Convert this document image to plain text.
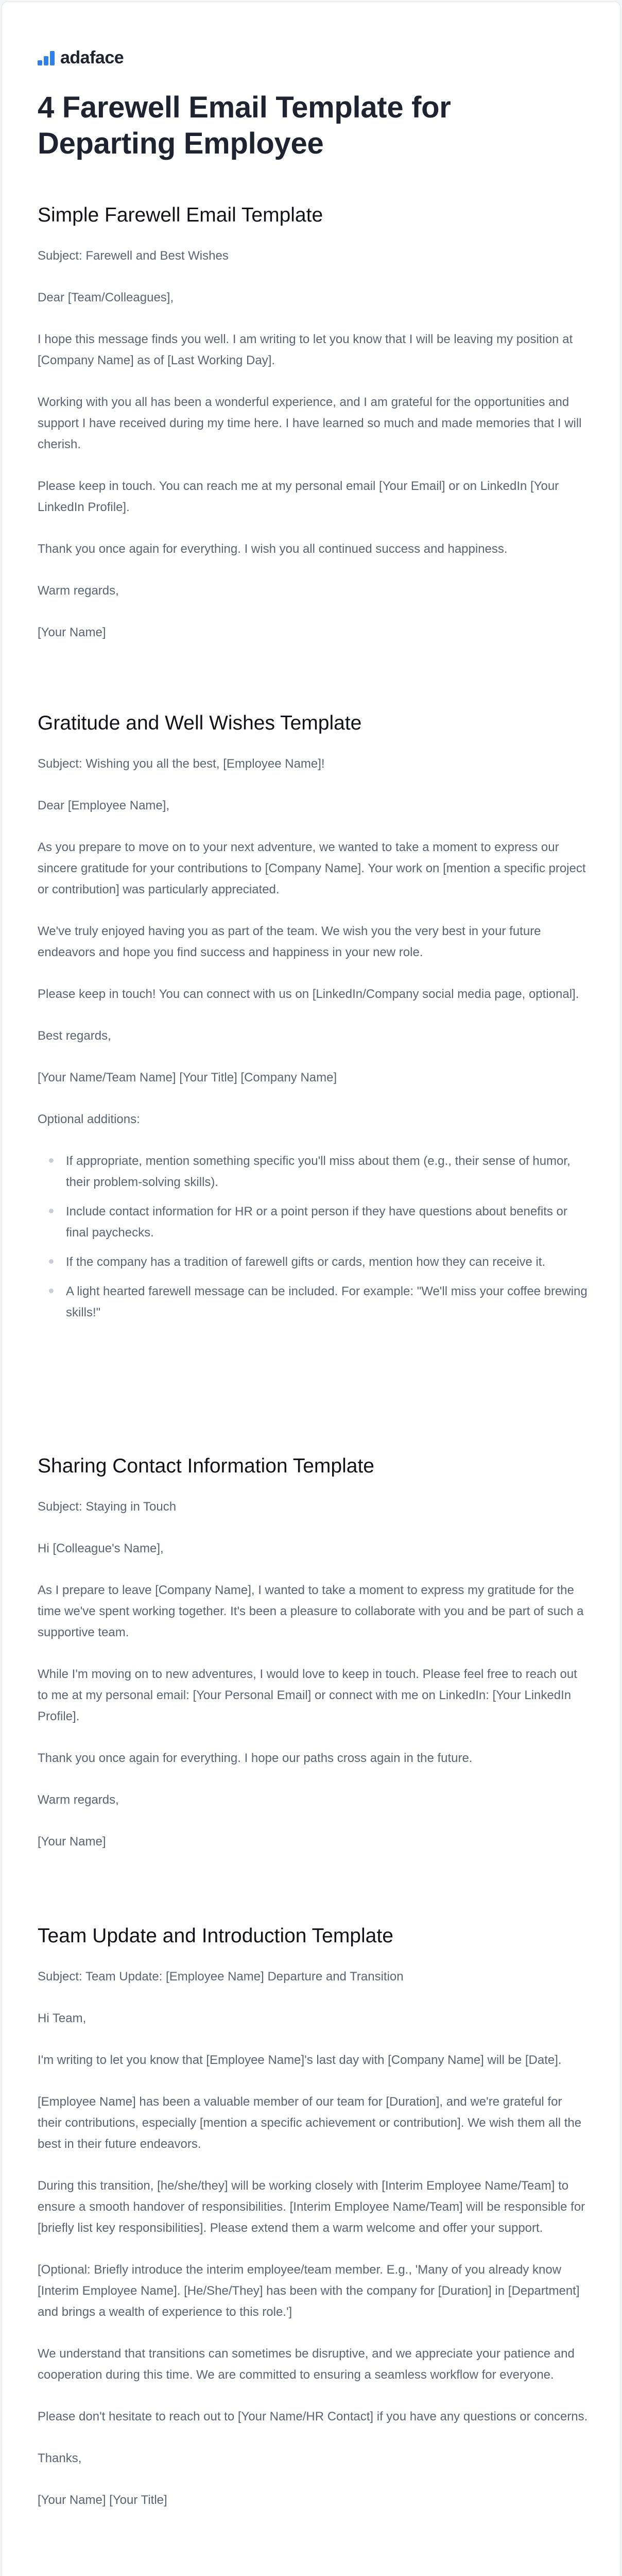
adaface
4 Farewell Email Template for Departing Employee
Simple Farewell Email Template

Subject: Farewell and Best Wishes

Dear [Team/Colleagues],

I hope this message finds you well. I am writing to let you know that I will be leaving my position at [Company Name] as of [Last Working Day].

Working with you all has been a wonderful experience, and I am grateful for the opportunities and support I have received during my time here. I have learned so much and made memories that I will cherish.

Please keep in touch. You can reach me at my personal email [Your Email] or on LinkedIn [Your LinkedIn Profile].

Thank you once again for everything. I wish you all continued success and happiness.

Warm regards,

[Your Name]

Gratitude and Well Wishes Template

Subject: Wishing you all the best, [Employee Name]!

Dear [Employee Name],

As you prepare to move on to your next adventure, we wanted to take a moment to express our sincere gratitude for your contributions to [Company Name]. Your work on [mention a specific project or contribution] was particularly appreciated.

We've truly enjoyed having you as part of the team. We wish you the very best in your future endeavors and hope you find success and happiness in your new role.

Please keep in touch! You can connect with us on [LinkedIn/Company social media page, optional].

Best regards,

[Your Name/Team Name] [Your Title] [Company Name]

Optional additions:

If appropriate, mention something specific you'll miss about them (e.g., their sense of humor, their problem-solving skills).
Include contact information for HR or a point person if they have questions about benefits or final paychecks.
If the company has a tradition of farewell gifts or cards, mention how they can receive it.
A light hearted farewell message can be included. For example: "We'll miss your coffee brewing skills!"
Sharing Contact Information Template

Subject: Staying in Touch

Hi [Colleague's Name],

As I prepare to leave [Company Name], I wanted to take a moment to express my gratitude for the time we've spent working together. It's been a pleasure to collaborate with you and be part of such a supportive team.

While I'm moving on to new adventures, I would love to keep in touch. Please feel free to reach out to me at my personal email: [Your Personal Email] or connect with me on LinkedIn: [Your LinkedIn Profile].

Thank you once again for everything. I hope our paths cross again in the future.

Warm regards,

[Your Name]

Team Update and Introduction Template

Subject: Team Update: [Employee Name] Departure and Transition

Hi Team,

I'm writing to let you know that [Employee Name]'s last day with [Company Name] will be [Date].

[Employee Name] has been a valuable member of our team for [Duration], and we're grateful for their contributions, especially [mention a specific achievement or contribution]. We wish them all the best in their future endeavors.

During this transition, [he/she/they] will be working closely with [Interim Employee Name/Team] to ensure a smooth handover of responsibilities. [Interim Employee Name/Team] will be responsible for [briefly list key responsibilities]. Please extend them a warm welcome and offer your support.

[Optional: Briefly introduce the interim employee/team member. E.g., 'Many of you already know [Interim Employee Name]. [He/She/They] has been with the company for [Duration] in [Department] and brings a wealth of experience to this role.']

We understand that transitions can sometimes be disruptive, and we appreciate your patience and cooperation during this time. We are committed to ensuring a seamless workflow for everyone.

Please don't hesitate to reach out to [Your Name/HR Contact] if you have any questions or concerns.

Thanks,

[Your Name] [Your Title]
